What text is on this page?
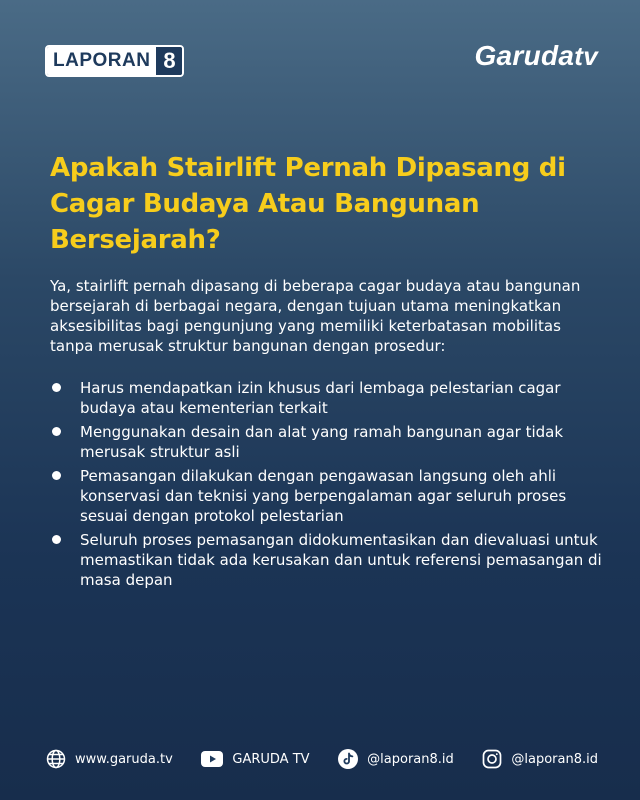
LAPORAN 8	Garudatv
Apakah Stairlift Pernah Dipasang di Cagar Budaya Atau Bangunan Bersejarah?

Ya, stairlift pernah dipasang di beberapa cagar budaya atau bangunan bersejarah di berbagai negara, dengan tujuan utama meningkatkan aksesibilitas bagi pengunjung yang memiliki keterbatasan mobilitas tanpa merusak struktur bangunan dengan prosedur:

Harus mendapatkan izin khusus dari lembaga pelestarian cagar budaya atau kementerian terkait
Menggunakan desain dan alat yang ramah bangunan agar tidak merusak struktur asli
Pemasangan dilakukan dengan pengawasan langsung oleh ahli konservasi dan teknisi yang berpengalaman agar seluruh proses sesuai dengan protokol pelestarian
Seluruh proses pemasangan didokumentasikan dan dievaluasi untuk memastikan tidak ada kerusakan dan untuk referensi pemasangan di masa depan
www.garuda.tv	GARUDA TV	@laporan8.id	@laporan8.id
